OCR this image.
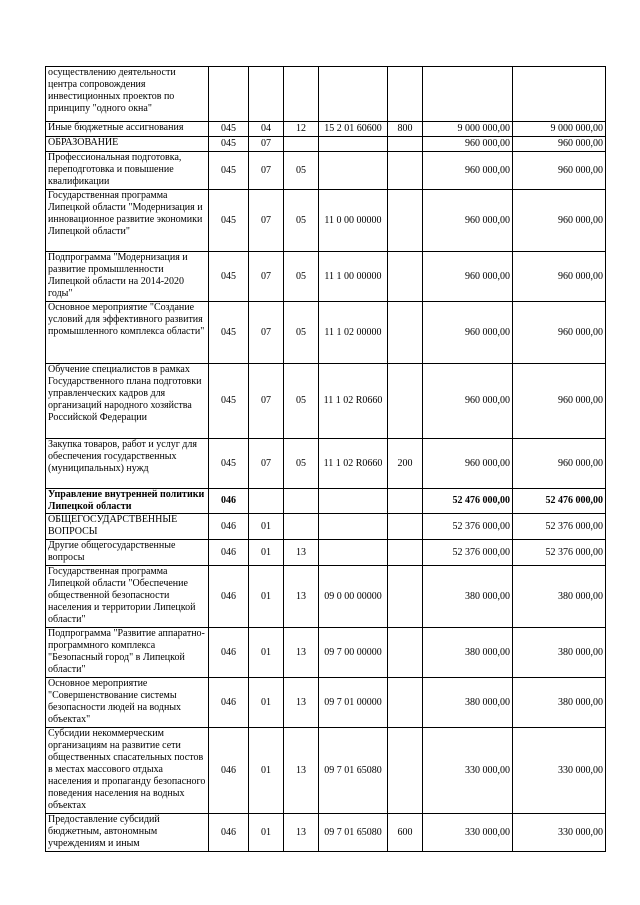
осуществлению деятельности центра сопровождения инвестиционных проектов по принципу "одного окна"							
Иные бюджетные ассигнования	045	04	12	15 2 01 60600	800	9 000 000,00	9 000 000,00
ОБРАЗОВАНИЕ	045	07				960 000,00	960 000,00
Профессиональная подготовка, переподготовка и повышение квалификации	045	07	05			960 000,00	960 000,00
Государственная программа Липецкой области "Модернизация и инновационное развитие экономики Липецкой области"	045	07	05	11 0 00 00000		960 000,00	960 000,00
Подпрограмма "Модернизация и развитие промышленности Липецкой области на 2014-2020 годы"	045	07	05	11 1 00 00000		960 000,00	960 000,00
Основное мероприятие "Создание условий для эффективного развития промышленного комплекса области"	045	07	05	11 1 02 00000		960 000,00	960 000,00
Обучение специалистов в рамках Государственного плана подготовки управленческих кадров для организаций народного хозяйства Российской Федерации	045	07	05	11 1 02 R0660		960 000,00	960 000,00
Закупка товаров, работ и услуг для обеспечения государственных (муниципальных) нужд	045	07	05	11 1 02 R0660	200	960 000,00	960 000,00
Управление внутренней политики Липецкой области	046					52 476 000,00	52 476 000,00
ОБЩЕГОСУДАРСТВЕННЫЕ ВОПРОСЫ	046	01				52 376 000,00	52 376 000,00
Другие общегосударственные вопросы	046	01	13			52 376 000,00	52 376 000,00
Государственная программа Липецкой области "Обеспечение общественной безопасности населения и территории Липецкой области"	046	01	13	09 0 00 00000		380 000,00	380 000,00
Подпрограмма "Развитие аппаратно-программного комплекса "Безопасный город" в Липецкой области"	046	01	13	09 7 00 00000		380 000,00	380 000,00
Основное мероприятие "Совершенствование системы безопасности людей на водных объектах"	046	01	13	09 7 01 00000		380 000,00	380 000,00
Субсидии некоммерческим организациям на развитие сети общественных спасательных постов в местах массового отдыха населения и пропаганду безопасного поведения населения на водных объектах	046	01	13	09 7 01 65080		330 000,00	330 000,00
Предоставление субсидий бюджетным, автономным учреждениям и иным	046	01	13	09 7 01 65080	600	330 000,00	330 000,00
